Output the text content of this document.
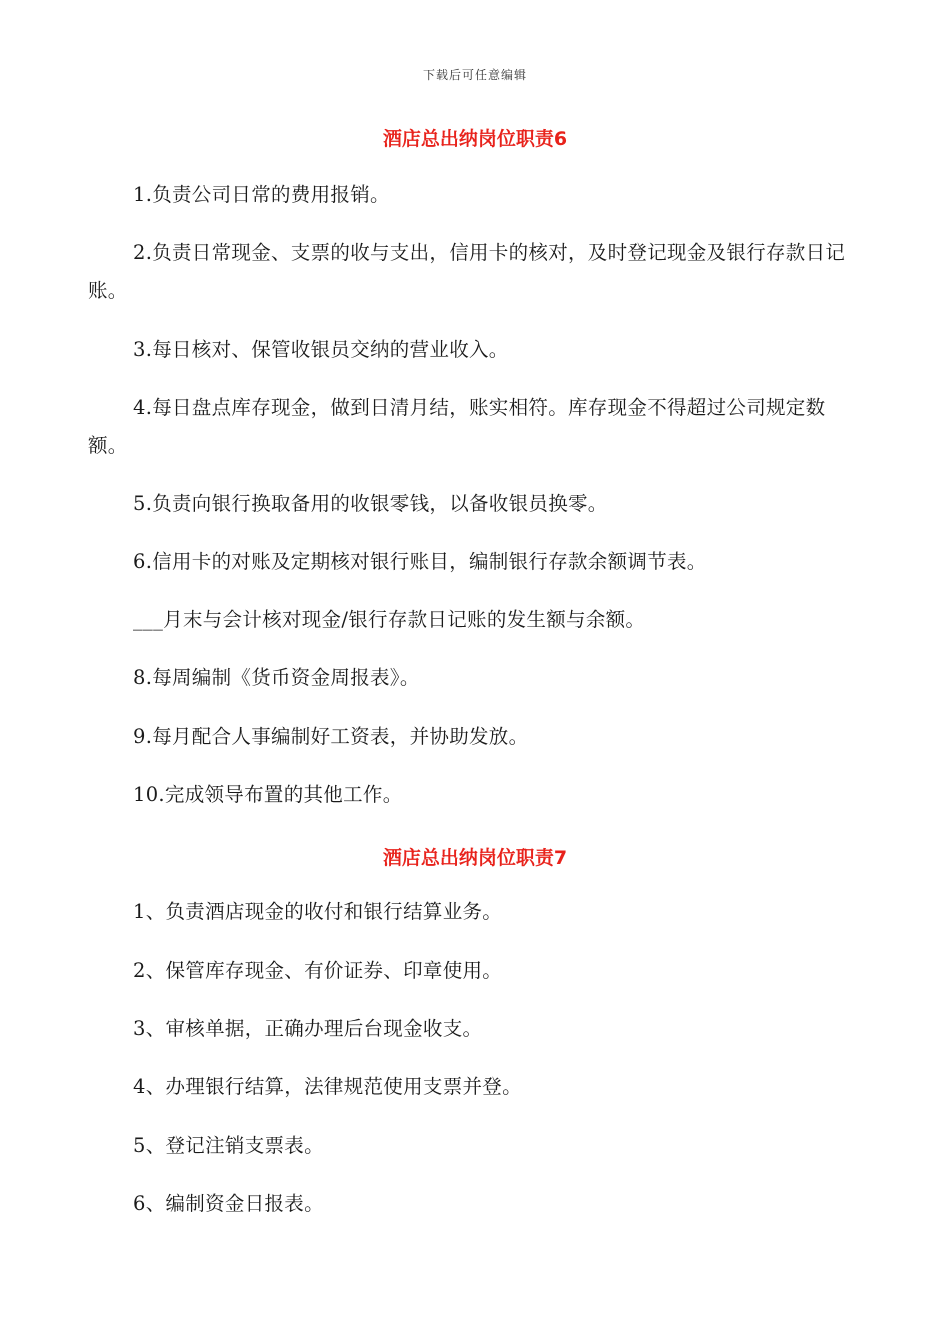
下载后可任意编辑
酒店总出纳岗位职责6
1.负责公司日常的费用报销。
2.负责日常现金、支票的收与支出，信用卡的核对，及时登记现金及银行存款日记账。
3.每日核对、保管收银员交纳的营业收入。
4.每日盘点库存现金，做到日清月结，账实相符。库存现金不得超过公司规定数额。
5.负责向银行换取备用的收银零钱，以备收银员换零。
6.信用卡的对账及定期核对银行账目，编制银行存款余额调节表。
___月末与会计核对现金/银行存款日记账的发生额与余额。
8.每周编制《货币资金周报表》。
9.每月配合人事编制好工资表，并协助发放。
10.完成领导布置的其他工作。
酒店总出纳岗位职责7
1、负责酒店现金的收付和银行结算业务。
2、保管库存现金、有价证券、印章使用。
3、审核单据，正确办理后台现金收支。
4、办理银行结算，法律规范使用支票并登。
5、登记注销支票表。
6、编制资金日报表。
